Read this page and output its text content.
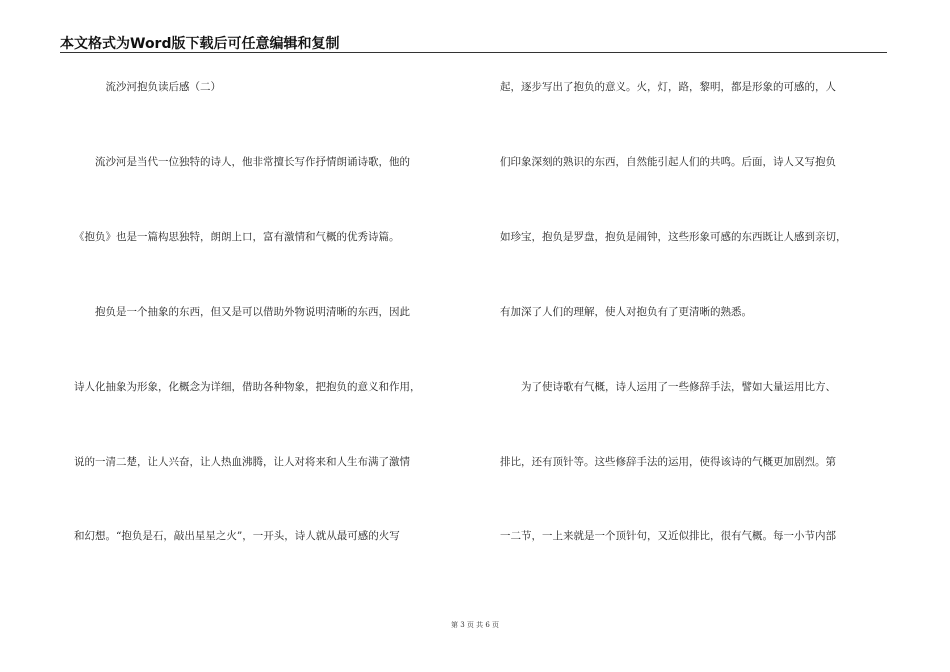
本文格式为Word版下载后可任意编辑和复制
　　　流沙河抱负读后感（二）
　　流沙河是当代一位独特的诗人，他非常擅长写作抒情朗诵诗歌，他的
《抱负》也是一篇构思独特，朗朗上口，富有激情和气概的优秀诗篇。
　　抱负是一个抽象的东西，但又是可以借助外物说明清晰的东西，因此
诗人化抽象为形象，化概念为详细，借助各种物象，把抱负的意义和作用，
说的一清二楚，让人兴奋，让人热血沸腾，让人对将来和人生布满了激情
和幻想。“抱负是石，敲出星星之火”，一开头，诗人就从最可感的火写
起，逐步写出了抱负的意义。火，灯，路，黎明，都是形象的可感的，人
们印象深刻的熟识的东西，自然能引起人们的共鸣。后面，诗人又写抱负
如珍宝，抱负是罗盘，抱负是闹钟，这些形象可感的东西既让人感到亲切，
有加深了人们的理解，使人对抱负有了更清晰的熟悉。
　　为了使诗歌有气概，诗人运用了一些修辞手法，譬如大量运用比方、
排比，还有顶针等。这些修辞手法的运用，使得该诗的气概更加剧烈。第
一二节，一上来就是一个顶针句，又近似排比，很有气概。每一小节内部
第 3 页 共 6 页
